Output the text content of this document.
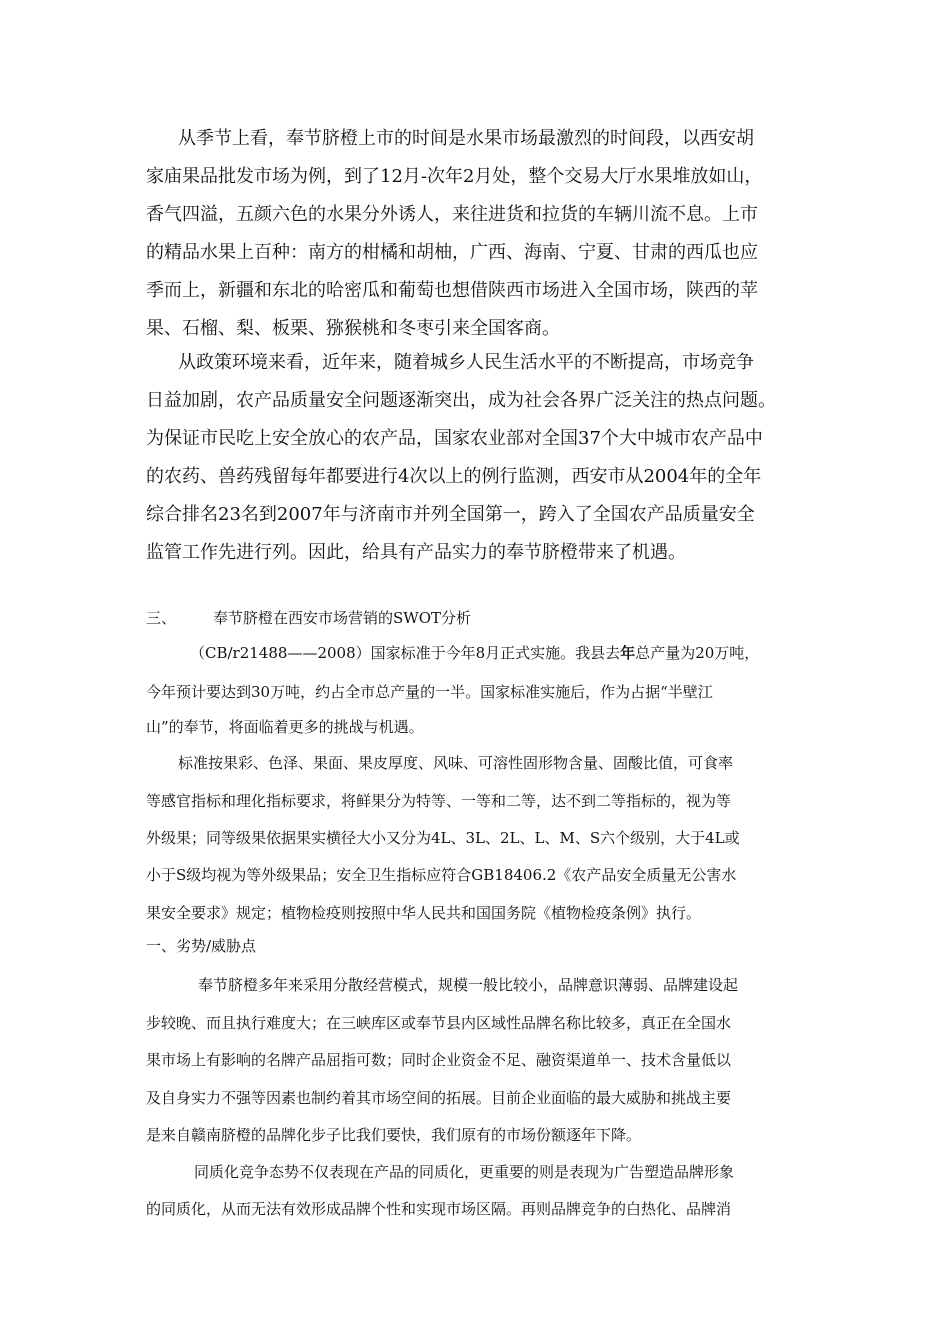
从季节上看，奉节脐橙上市的时间是水果市场最激烈的时间段，以西安胡
家庙果品批发市场为例，到了12月-次年2月处，整个交易大厅水果堆放如山，
香气四溢，五颜六色的水果分外诱人，来往进货和拉货的车辆川流不息。上市
的精品水果上百种：南方的柑橘和胡柚，广西、海南、宁夏、甘肃的西瓜也应
季而上，新疆和东北的哈密瓜和葡萄也想借陕西市场进入全国市场，陕西的苹
果、石榴、梨、板栗、猕猴桃和冬枣引来全国客商。
从政策环境来看，近年来，随着城乡人民生活水平的不断提高，市场竞争
日益加剧，农产品质量安全问题逐渐突出，成为社会各界广泛关注的热点问题。
为保证市民吃上安全放心的农产品，国家农业部对全国37个大中城市农产品中
的农药、兽药残留每年都要进行4次以上的例行监测，西安市从2004年的全年
综合排名23名到2007年与济南市并列全国第一，跨入了全国农产品质量安全
监管工作先进行列。因此，给具有产品实力的奉节脐橙带来了机遇。
三、 奉节脐橙在西安市场营销的SWOT分析
（CB/r21488——2008）国家标准于今年8月正式实施。我县去年总产量为20万吨，
今年预计要达到30万吨，约占全市总产量的一半。国家标准实施后，作为占据“半壁江
山”的奉节，将面临着更多的挑战与机遇。
标准按果彩、色泽、果面、果皮厚度、风味、可溶性固形物含量、固酸比值，可食率
等感官指标和理化指标要求，将鲜果分为特等、一等和二等，达不到二等指标的，视为等
外级果；同等级果依据果实横径大小又分为4L、3L、2L、L、M、S六个级别，大于4L或
小于S级均视为等外级果品；安全卫生指标应符合GB18406.2《农产品安全质量无公害水
果安全要求》规定；植物检疫则按照中华人民共和国国务院《植物检疫条例》执行。
一、劣势/威胁点
奉节脐橙多年来采用分散经营模式，规模一般比较小，品牌意识薄弱、品牌建设起
步较晚、而且执行难度大；在三峡库区或奉节县内区域性品牌名称比较多，真正在全国水
果市场上有影响的名牌产品屈指可数；同时企业资金不足、融资渠道单一、技术含量低以
及自身实力不强等因素也制约着其市场空间的拓展。目前企业面临的最大威胁和挑战主要
是来自赣南脐橙的品牌化步子比我们要快，我们原有的市场份额逐年下降。
同质化竞争态势不仅表现在产品的同质化，更重要的则是表现为广告塑造品牌形象
的同质化，从而无法有效形成品牌个性和实现市场区隔。再则品牌竞争的白热化、品牌消
